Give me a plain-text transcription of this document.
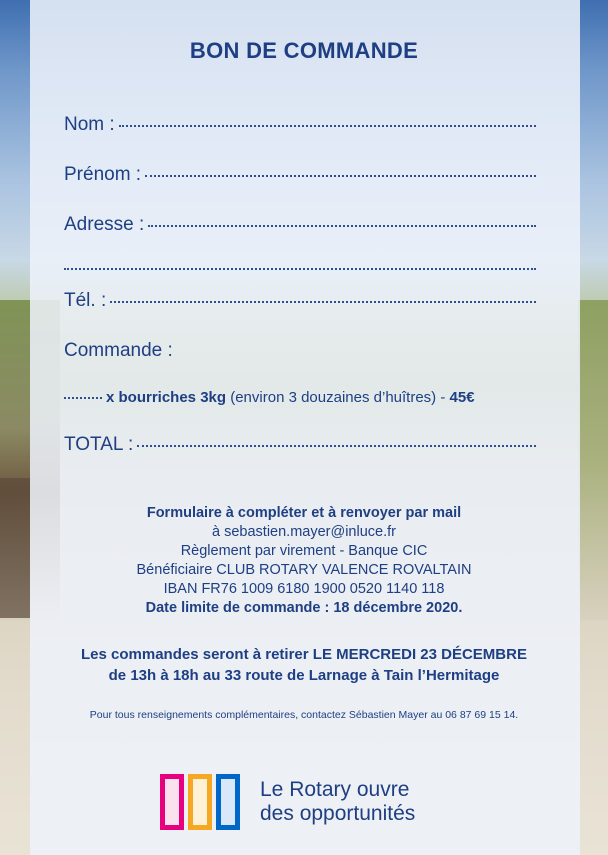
BON DE COMMANDE
Nom :
Prénom :
Adresse :
Tél. :
Commande :
x bourriches 3kg (environ 3 douzaines d’huîtres) - 45€
TOTAL :
Formulaire à compléter et à renvoyer par mail
à sebastien.mayer@inluce.fr
Règlement par virement - Banque CIC
Bénéficiaire CLUB ROTARY VALENCE ROVALTAIN
IBAN FR76 1009 6180 1900 0520 1140 118
Date limite de commande : 18 décembre 2020.
Les commandes seront à retirer LE MERCREDI 23 DÉCEMBRE
de 13h à 18h au 33 route de Larnage à Tain l’Hermitage
Pour tous renseignements complémentaires, contactez Sébastien Mayer au 06 87 69 15 14.
Le Rotary ouvre
des opportunités
